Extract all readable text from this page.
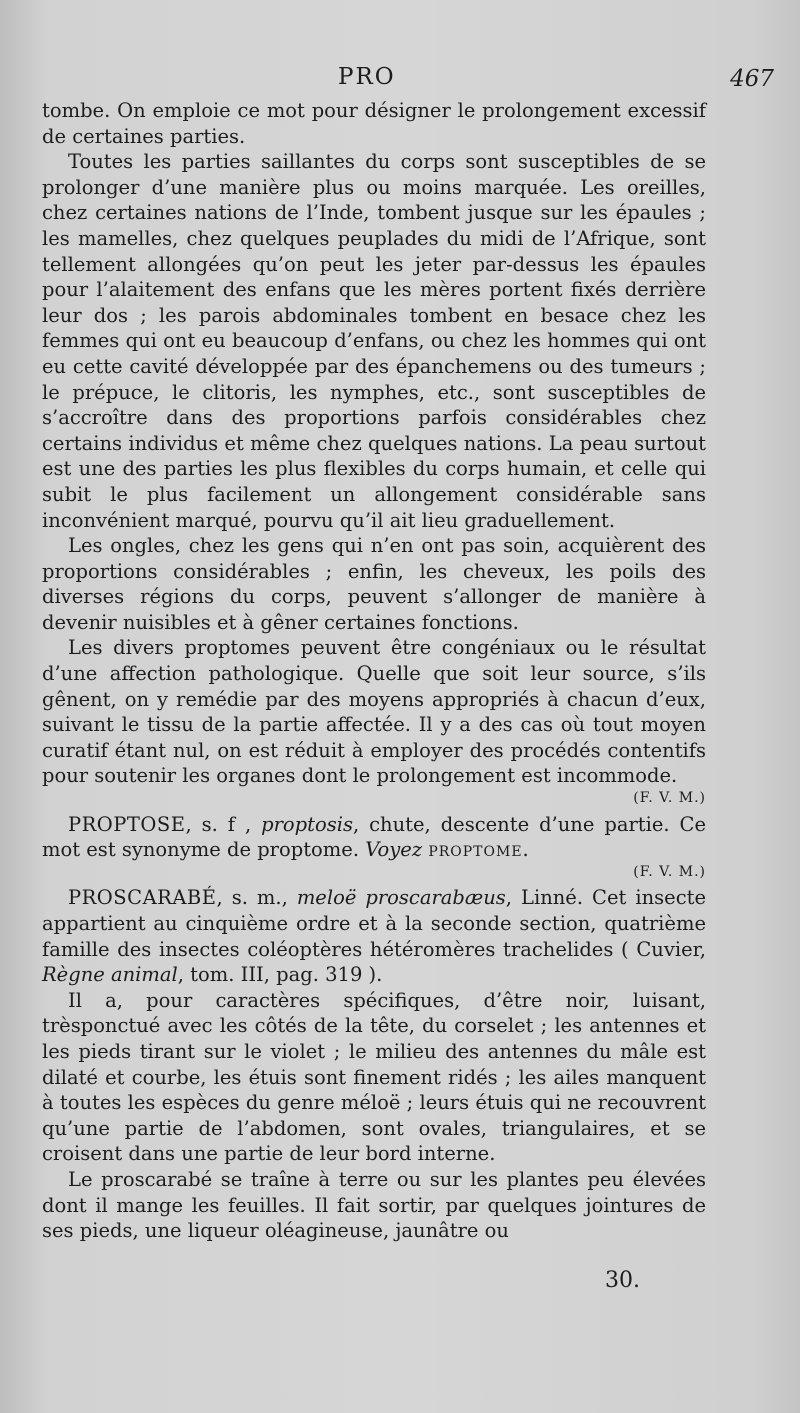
PRO	467

tombe. On emploie ce mot pour désigner le prolongement excessif de certaines parties.

Toutes les parties saillantes du corps sont susceptibles de se prolonger d’une manière plus ou moins marquée. Les oreilles, chez certaines nations de l’Inde, tombent jusque sur les épaules ; les mamelles, chez quelques peuplades du midi de l’Afrique, sont tellement allongées qu’on peut les jeter par-dessus les épaules pour l’alaitement des enfans que les mères portent fixés derrière leur dos ; les parois abdominales tombent en besace chez les femmes qui ont eu beaucoup d’enfans, ou chez les hommes qui ont eu cette cavité développée par des épanchemens ou des tumeurs ; le prépuce, le clitoris, les nymphes, etc., sont susceptibles de s’accroître dans des proportions parfois considérables chez certains individus et même chez quelques nations. La peau surtout est une des parties les plus flexibles du corps humain, et celle qui subit le plus facilement un allongement considérable sans inconvénient marqué, pourvu qu’il ait lieu graduellement.

Les ongles, chez les gens qui n’en ont pas soin, acquièrent des proportions considérables ; enfin, les cheveux, les poils des diverses régions du corps, peuvent s’allonger de manière à devenir nuisibles et à gêner certaines fonctions.

Les divers proptomes peuvent être congéniaux ou le résultat d’une affection pathologique. Quelle que soit leur source, s’ils gênent, on y remédie par des moyens appropriés à chacun d’eux, suivant le tissu de la partie affectée. Il y a des cas où tout moyen curatif étant nul, on est réduit à employer des procédés contentifs pour soutenir les organes dont le prolongement est incommode.
(F. V. M.)

PROPTOSE, s. f , proptosis, chute, descente d’une partie. Ce mot est synonyme de proptome. Voyez proptome.
(F. V. M.)

PROSCARABÉ, s. m., meloë proscarabæus, Linné. Cet insecte appartient au cinquième ordre et à la seconde section, quatrième famille des insectes coléoptères hétéromères trachelides ( Cuvier, Règne animal, tom. III, pag. 319 ).

Il a, pour caractères spécifiques, d’être noir, luisant, trèsponctué avec les côtés de la tête, du corselet ; les antennes et les pieds tirant sur le violet ; le milieu des antennes du mâle est dilaté et courbe, les étuis sont finement ridés ; les ailes manquent à toutes les espèces du genre méloë ; leurs étuis qui ne recouvrent qu’une partie de l’abdomen, sont ovales, triangulaires, et se croisent dans une partie de leur bord interne.

Le proscarabé se traîne à terre ou sur les plantes peu élevées dont il mange les feuilles. Il fait sortir, par quelques jointures de ses pieds, une liqueur oléagineuse, jaunâtre ou

30.
